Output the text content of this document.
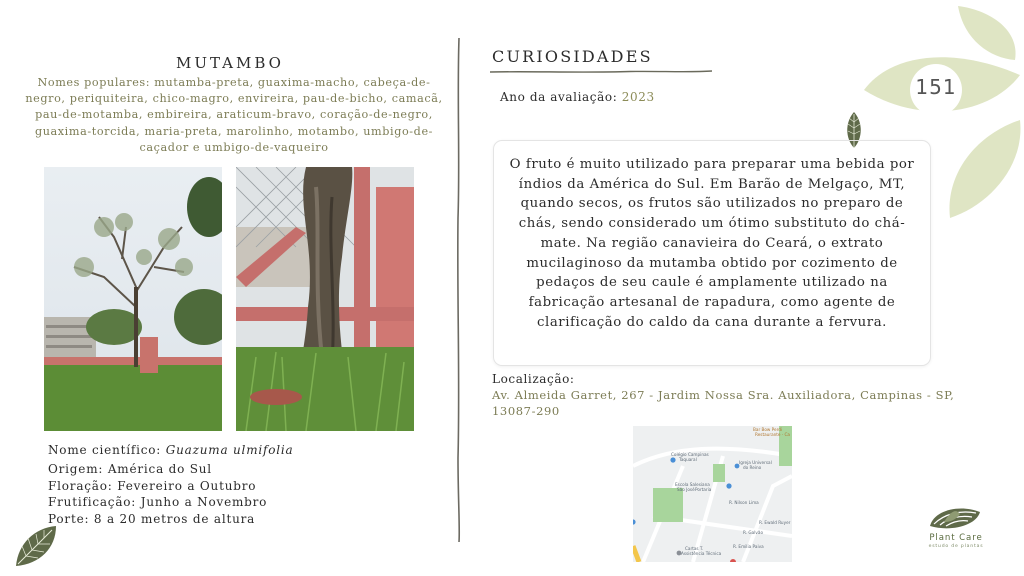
151
MUTAMBO
Nomes populares: mutamba-preta, guaxima-macho, cabeça-de-negro, periquiteira, chico-magro, envireira, pau-de-bicho, camacã, pau-de-motamba, embireira, araticum-bravo, coração-de-negro, guaxima-torcida, maria-preta, marolinho, motambo, umbigo-de-caçador e umbigo-de-vaqueiro
Nome científico: Guazuma ulmifolia
Origem: América do Sul
Floração: Fevereiro a Outubro
Frutificação: Junho a Novembro
Porte: 8 a 20 metros de altura
CURIOSIDADES
Ano da avaliação: 2023
O fruto é muito utilizado para preparar uma bebida por índios da América do Sul. Em Barão de Melgaço, MT, quando secos, os frutos são utilizados no preparo de chás, sendo considerado um ótimo substituto do chá-mate. Na região canavieira do Ceará, o extrato mucilaginoso da mutamba obtido por cozimento de pedaços de seu caule é amplamente utilizado na fabricação artesanal de rapadura, como agente de clarificação do caldo da cana durante a fervura.
Localização:
Av. Almeida Garret, 267 - Jardim Nossa Sra. Auxiliadora, Campinas - SP, 13087-290
Bar Bow Perdi
Restaurante · Ca
Colégio Campinas
Taquaral
Igreja Universal
do Reino
Escola Salesiana
São José Portaria
Cartas T.
Assistência Técnica
R. Nilson Lima
R. Ewald Ruyer
R. Galvão
R. Emilia Paiva
Plant Care
estudo de plantas
